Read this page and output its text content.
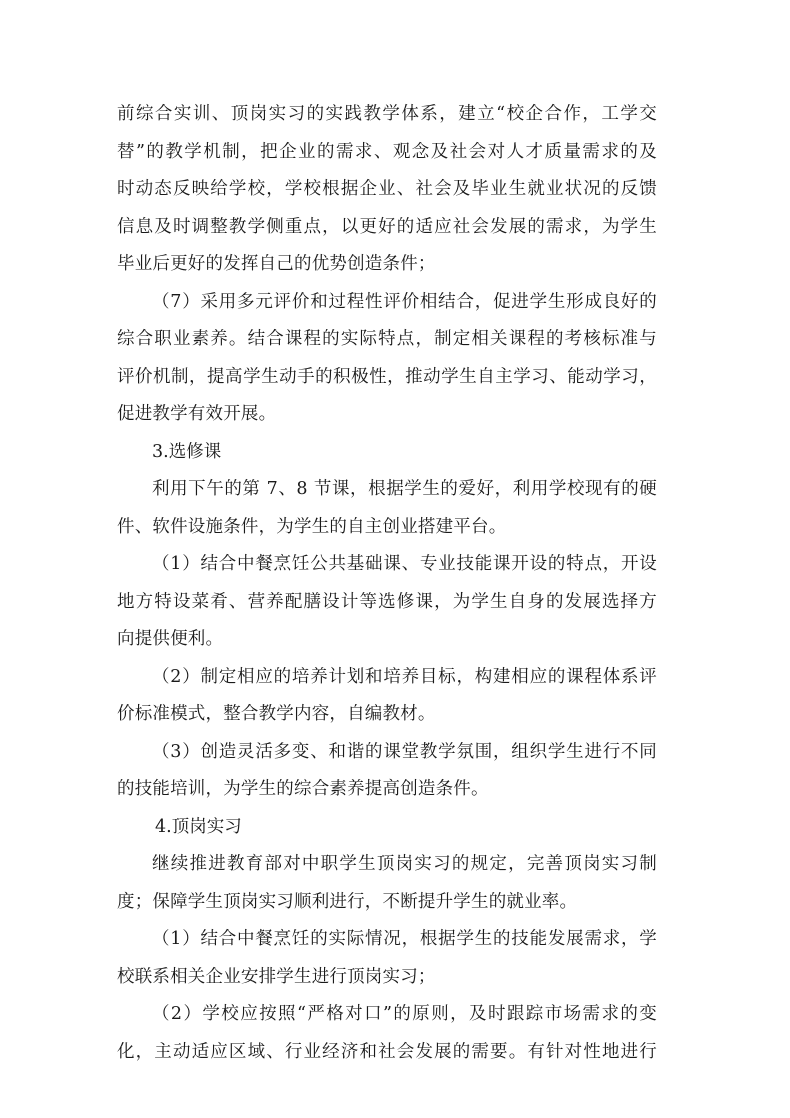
前综合实训、顶岗实习的实践教学体系，建立“校企合作，工学交
替”的教学机制，把企业的需求、观念及社会对人才质量需求的及
时动态反映给学校，学校根据企业、社会及毕业生就业状况的反馈
信息及时调整教学侧重点，以更好的适应社会发展的需求，为学生
毕业后更好的发挥自己的优势创造条件；
（7）采用多元评价和过程性评价相结合，促进学生形成良好的
综合职业素养。结合课程的实际特点，制定相关课程的考核标准与
评价机制，提高学生动手的积极性，推动学生自主学习、能动学习，
促进教学有效开展。
3.选修课
利用下午的第 7、8 节课，根据学生的爱好，利用学校现有的硬
件、软件设施条件，为学生的自主创业搭建平台。
（1）结合中餐烹饪公共基础课、专业技能课开设的特点，开设
地方特设菜肴、营养配膳设计等选修课，为学生自身的发展选择方
向提供便利。
（2）制定相应的培养计划和培养目标，构建相应的课程体系评
价标准模式，整合教学内容，自编教材。
（3）创造灵活多变、和谐的课堂教学氛围，组织学生进行不同
的技能培训，为学生的综合素养提高创造条件。
4.顶岗实习
继续推进教育部对中职学生顶岗实习的规定，完善顶岗实习制
度；保障学生顶岗实习顺利进行，不断提升学生的就业率。
（1）结合中餐烹饪的实际情况，根据学生的技能发展需求，学
校联系相关企业安排学生进行顶岗实习；
（2）学校应按照“严格对口”的原则，及时跟踪市场需求的变
化，主动适应区域、行业经济和社会发展的需要。有针对性地进行
